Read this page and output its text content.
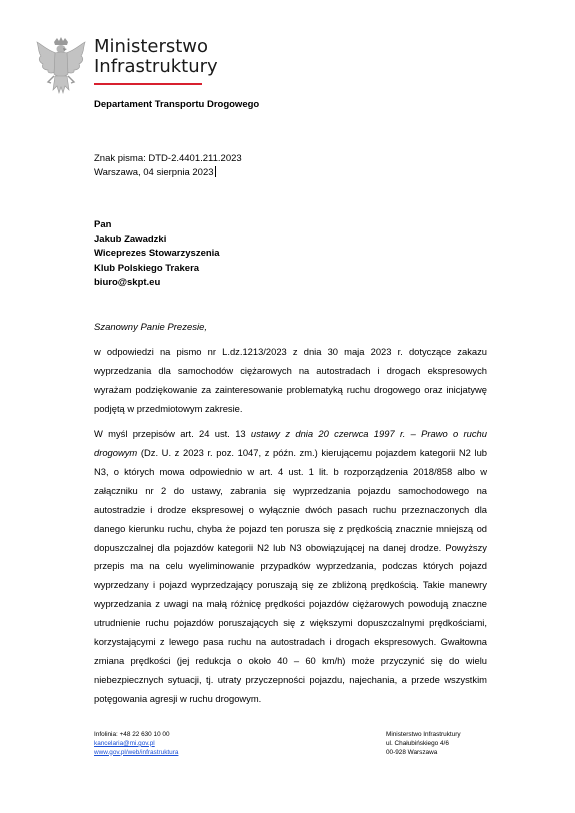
Ministerstwo
Infrastruktury
Departament Transportu Drogowego
Znak pisma: DTD-2.4401.211.2023
Warszawa, 04 sierpnia 2023
Pan
Jakub Zawadzki
Wiceprezes Stowarzyszenia
Klub Polskiego Trakera
biuro@skpt.eu
Szanowny Panie Prezesie,

w odpowiedzi na pismo nr L.dz.1213/2023 z dnia 30 maja 2023 r. dotyczące zakazu wyprzedzania dla samochodów ciężarowych na autostradach i drogach ekspresowych wyrażam podziękowanie za zainteresowanie problematyką ruchu drogowego oraz inicjatywę podjętą w przedmiotowym zakresie.

W myśl przepisów art. 24 ust. 13 ustawy z dnia 20 czerwca 1997 r. – Prawo o ruchu drogowym (Dz. U. z 2023 r. poz. 1047, z późn. zm.) kierującemu pojazdem kategorii N2 lub N3, o których mowa odpowiednio w art. 4 ust. 1 lit. b rozporządzenia 2018/858 albo w załączniku nr 2 do ustawy, zabrania się wyprzedzania pojazdu samochodowego na autostradzie i drodze ekspresowej o wyłącznie dwóch pasach ruchu przeznaczonych dla danego kierunku ruchu, chyba że pojazd ten porusza się z prędkością znacznie mniejszą od dopuszczalnej dla pojazdów kategorii N2 lub N3 obowiązującej na danej drodze. Powyższy przepis ma na celu wyeliminowanie przypadków wyprzedzania, podczas których pojazd wyprzedzany i pojazd wyprzedzający poruszają się ze zbliżoną prędkością. Takie manewry wyprzedzania z uwagi na małą różnicę prędkości pojazdów ciężarowych powodują znaczne utrudnienie ruchu pojazdów poruszających się z większymi dopuszczalnymi prędkościami, korzystającymi z lewego pasa ruchu na autostradach i drogach ekspresowych. Gwałtowna zmiana prędkości (jej redukcja o około 40 – 60 km/h) może przyczynić się do wielu niebezpiecznych sytuacji, tj. utraty przyczepności pojazdu, najechania, a przede wszystkim potęgowania agresji w ruchu drogowym.

Infolinia: +48 22 630 10 00
kancelaria@mi.gov.pl
www.gov.pl/web/infrastruktura
Ministerstwo Infrastruktury
ul. Chałubińskiego 4/6
00-928 Warszawa
